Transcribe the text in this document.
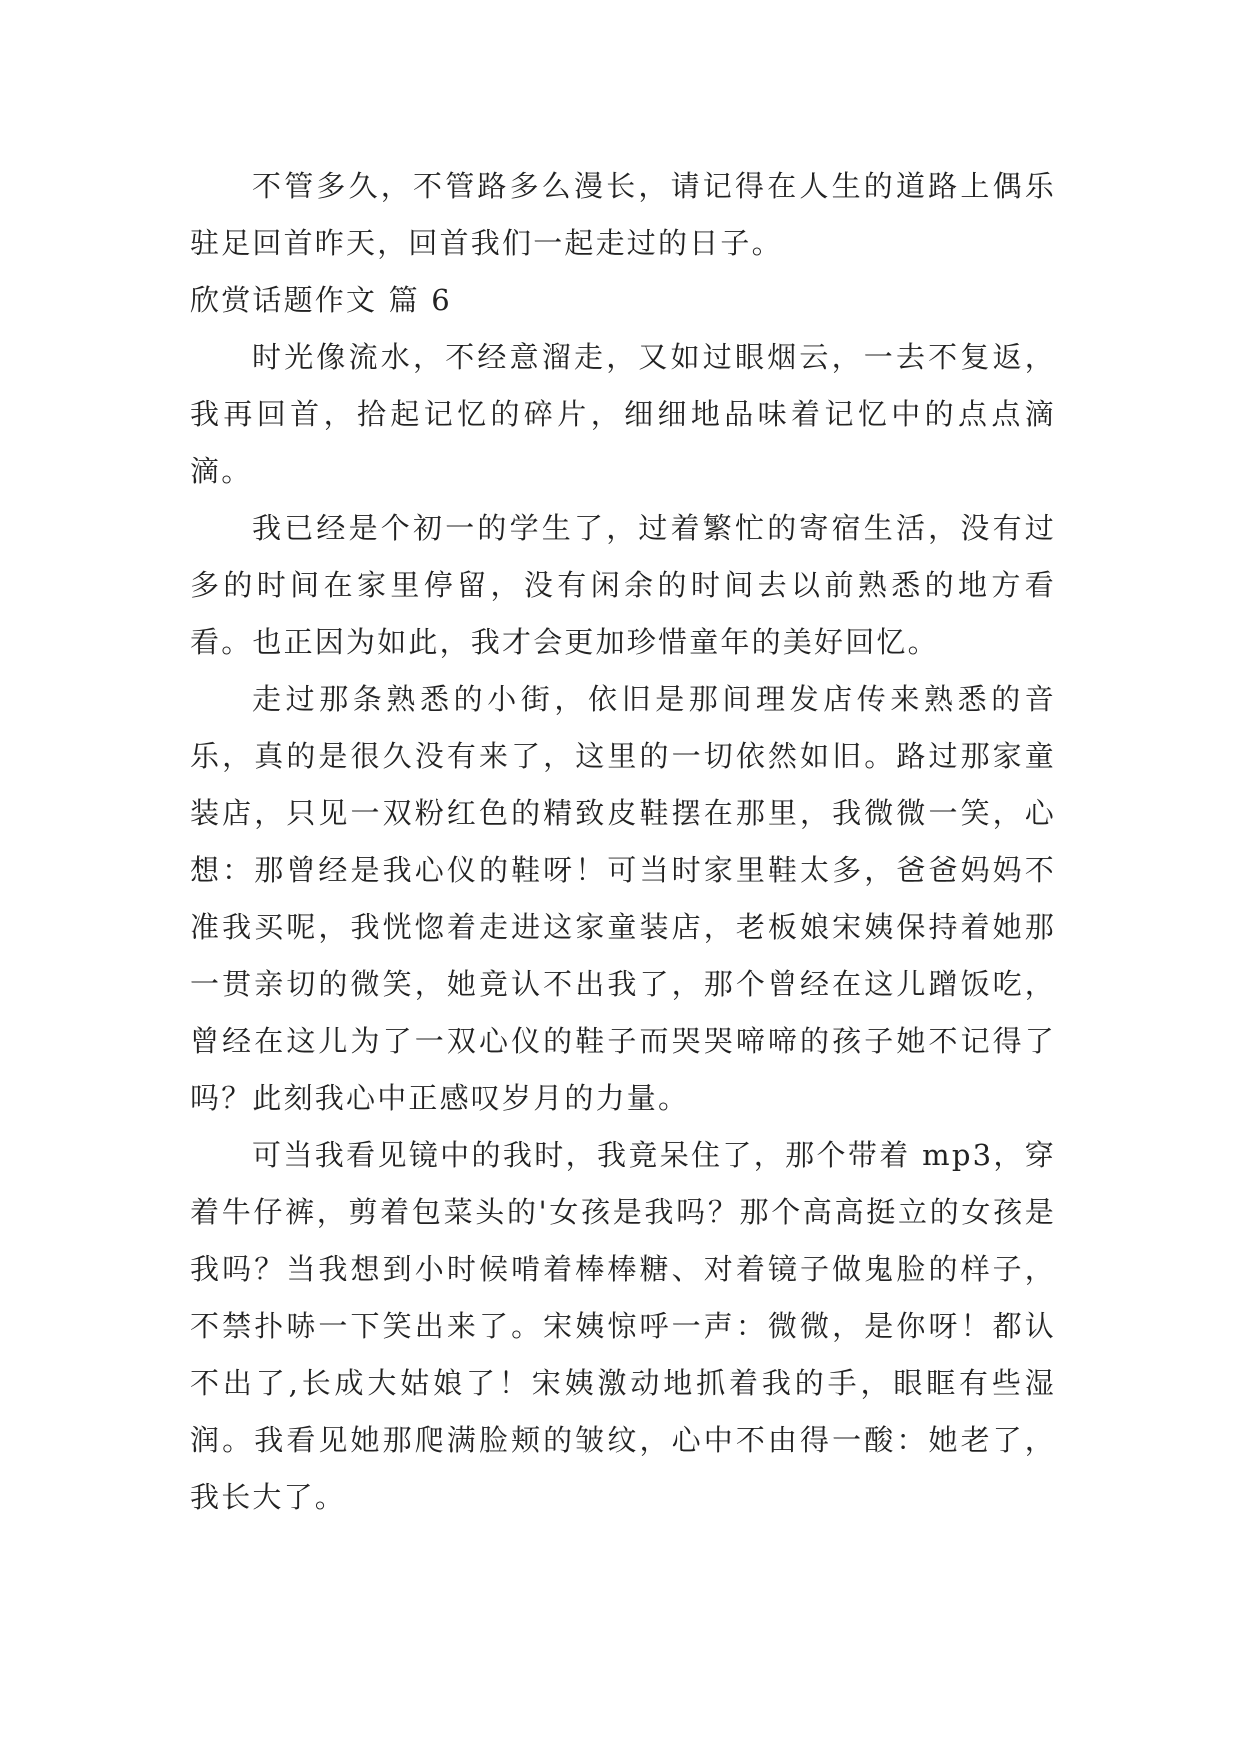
不管多久，不管路多么漫长，请记得在人生的道路上偶乐驻足回首昨天，回首我们一起走过的日子。

欣赏话题作文 篇 6

时光像流水，不经意溜走，又如过眼烟云，一去不复返，我再回首，拾起记忆的碎片，细细地品味着记忆中的点点滴滴。

我已经是个初一的学生了，过着繁忙的寄宿生活，没有过多的时间在家里停留，没有闲余的时间去以前熟悉的地方看看。也正因为如此，我才会更加珍惜童年的美好回忆。

走过那条熟悉的小街，依旧是那间理发店传来熟悉的音乐，真的是很久没有来了，这里的一切依然如旧。路过那家童装店，只见一双粉红色的精致皮鞋摆在那里，我微微一笑，心想：那曾经是我心仪的鞋呀！可当时家里鞋太多，爸爸妈妈不准我买呢，我恍惚着走进这家童装店，老板娘宋姨保持着她那一贯亲切的微笑，她竟认不出我了，那个曾经在这儿蹭饭吃，曾经在这儿为了一双心仪的鞋子而哭哭啼啼的孩子她不记得了吗？此刻我心中正感叹岁月的力量。

可当我看见镜中的我时，我竟呆住了，那个带着 mp3，穿着牛仔裤，剪着包菜头的'女孩是我吗？那个高高挺立的女孩是我吗？当我想到小时候啃着棒棒糖、对着镜子做鬼脸的样子，不禁扑哧一下笑出来了。宋姨惊呼一声：微微，是你呀！都认不出了,长成大姑娘了！宋姨激动地抓着我的手，眼眶有些湿润。我看见她那爬满脸颊的皱纹，心中不由得一酸：她老了，我长大了。
